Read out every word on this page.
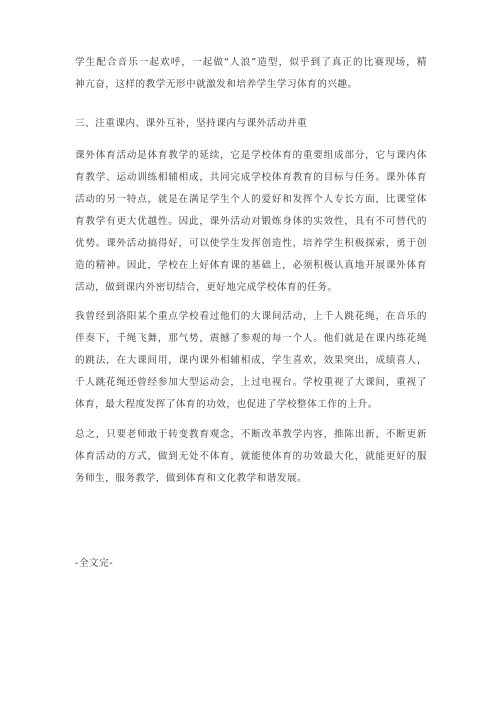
学生配合音乐一起欢呼，一起做“人浪”造型，似乎到了真正的比赛现场，精
神亢奋，这样的教学无形中就激发和培养学生学习体育的兴趣。
三、注重课内、课外互补，坚持课内与课外活动并重
课外体育活动是体育教学的延续，它是学校体育的重要组成部分，它与课内体
育教学、运动训练相辅相成，共同完成学校体育教育的目标与任务。课外体育
活动的另一特点，就是在满足学生个人的爱好和发挥个人专长方面，比课堂体
育教学有更大优越性。因此，课外活动对锻炼身体的实效性，具有不可替代的
优势。课外活动搞得好，可以使学生发挥创造性，培养学生积极探索，勇于创
造的精神。因此，学校在上好体育课的基础上，必须积极认真地开展课外体育
活动，做到课内外密切结合，更好地完成学校体育的任务。
我曾经到洛阳某个重点学校看过他们的大课间活动，上千人跳花绳，在音乐的
伴奏下，千绳飞舞，那气势，震撼了参观的每一个人。他们就是在课内练花绳
的跳法，在大课间用，课内课外相辅相成，学生喜欢，效果突出，成绩喜人，
千人跳花绳还曾经参加大型运动会，上过电视台。学校重视了大课间，重视了
体育，最大程度发挥了体育的功效，也促进了学校整体工作的上升。
总之，只要老师敢于转变教育观念，不断改革教学内容，推陈出新，不断更新
体育活动的方式，做到无处不体育，就能使体育的功效最大化，就能更好的服
务师生，服务教学，做到体育和文化教学和谐发展。
-全文完-
